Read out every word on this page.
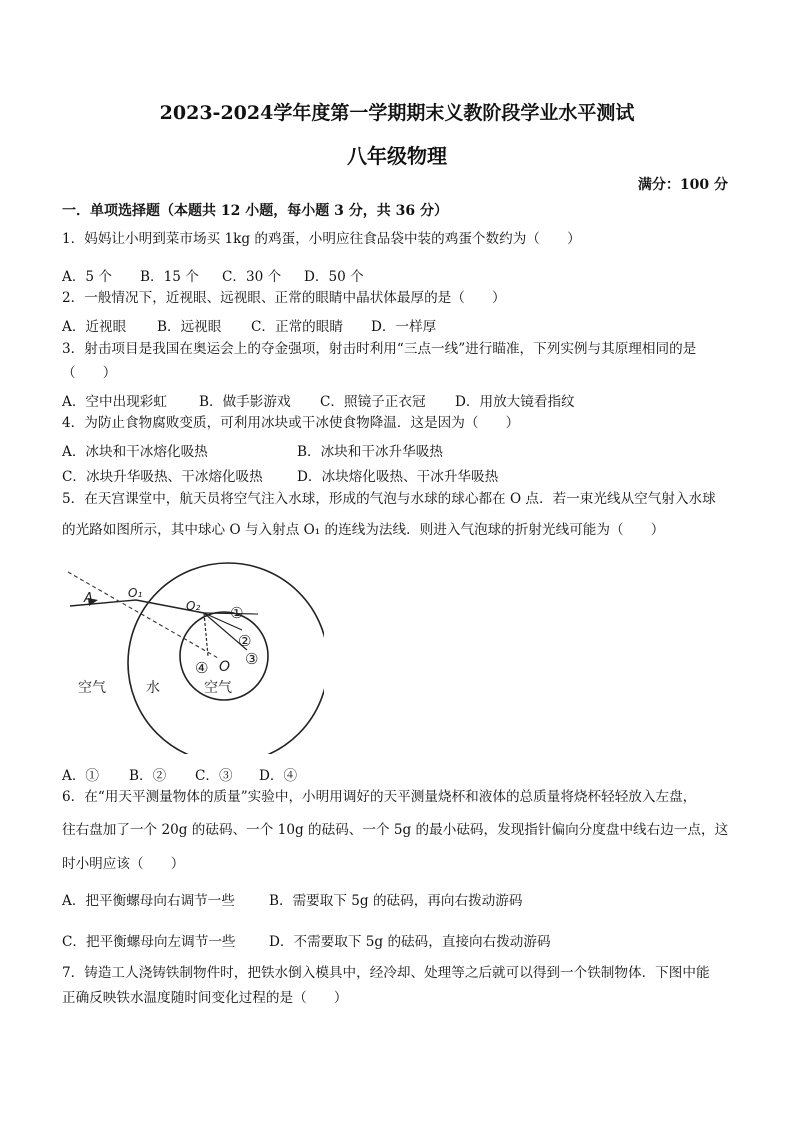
2023-2024学年度第一学期期末义教阶段学业水平测试
八年级物理
满分：100 分
一．单项选择题（本题共 12 小题，每小题 3 分，共 36 分）
1．妈妈让小明到菜市场买 1kg 的鸡蛋，小明应往食品袋中装的鸡蛋个数约为（　　）
A．5 个 B．15 个 C．30 个 D．50 个
2．一般情况下，近视眼、远视眼、正常的眼睛中晶状体最厚的是（　　）
A．近视眼 B．远视眼 C．正常的眼睛 D．一样厚
3．射击项目是我国在奥运会上的夺金强项，射击时利用“三点一线”进行瞄准，下列实例与其原理相同的是
（　　）
A．空中出现彩虹 B．做手影游戏 C．照镜子正衣冠 D．用放大镜看指纹
4．为防止食物腐败变质，可利用冰块或干冰使食物降温．这是因为（　　）
A．冰块和干冰熔化吸热	B．冰块和干冰升华吸热
C．冰块升华吸热、干冰熔化吸热	D．冰块熔化吸热、干冰升华吸热
5．在天宫课堂中，航天员将空气注入水球，形成的气泡与水球的球心都在 O 点．若一束光线从空气射入水球
的光路如图所示，其中球心 O 与入射点 O₁ 的连线为法线．则进入气泡球的折射光线可能为（　　）
A	O₁
O₂ ①
②
③
④ O
空气	水	空气
A．① B．② C．③ D．④
6．在“用天平测量物体的质量”实验中，小明用调好的天平测量烧杯和液体的总质量将烧杯轻轻放入左盘，
往右盘加了一个 20g 的砝码、一个 10g 的砝码、一个 5g 的最小砝码，发现指针偏向分度盘中线右边一点，这
时小明应该（　　）
A．把平衡螺母向右调节一些	B．需要取下 5g 的砝码，再向右拨动游码
C．把平衡螺母向左调节一些 D．不需要取下 5g 的砝码，直接向右拨动游码
7．铸造工人浇铸铁制物件时，把铁水倒入模具中，经冷却、处理等之后就可以得到一个铁制物体．下图中能
正确反映铁水温度随时间变化过程的是（　　）
